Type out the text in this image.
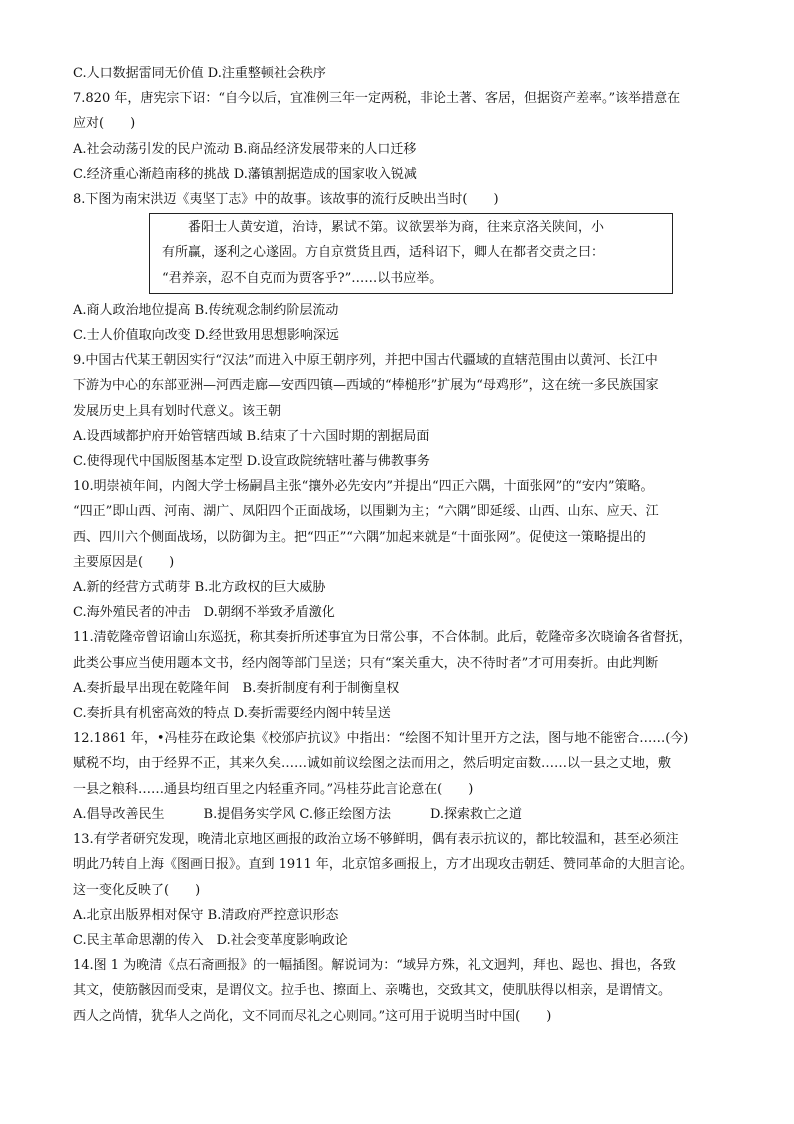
C.人口数据雷同无价值 D.注重整顿社会秩序
7.820 年，唐宪宗下诏：“自今以后，宜准例三年一定两税，非论土著、客居，但据资产差率。”该举措意在
应对(　　)
A.社会动荡引发的民户流动 B.商品经济发展带来的人口迁移
C.经济重心渐趋南移的挑战 D.藩镇割据造成的国家收入锐减
8.下图为南宋洪迈《夷坚丁志》中的故事。该故事的流行反映出当时(　　)
番阳士人黄安道，治诗，累试不第。议欲罢举为商，往来京洛关陕间，小
有所赢，逐利之心遂固。方自京赏货且西，适科诏下，卿人在都者交责之曰：
“君养亲，忍不自克而为贾客乎?”……以书应举。
A.商人政治地位提高 B.传统观念制约阶层流动
C.士人价值取向改变 D.经世致用思想影响深远
9.中国古代某王朝因实行“汉法”而进入中原王朝序列，并把中国古代疆域的直辖范围由以黄河、长江中
下游为中心的东部亚洲—河西走廊—安西四镇—西域的“棒槌形”扩展为“母鸡形”，这在统一多民族国家
发展历史上具有划时代意义。该王朝
A.设西域都护府开始管辖西域 B.结束了十六国时期的割据局面
C.使得现代中国版图基本定型 D.设宣政院统辖吐蕃与佛教事务
10.明崇祯年间，内阁大学士杨嗣昌主张“攘外必先安内”并提出“四正六隅，十面张网”的“安内”策略。
“四正”即山西、河南、湖广、凤阳四个正面战场，以围剿为主；“六隅”即延绥、山西、山东、应天、江
西、四川六个侧面战场，以防御为主。把“四正”“六隅”加起来就是“十面张网”。促使这一策略提出的
主要原因是(　　)
A.新的经营方式萌芽 B.北方政权的巨大威胁
C.海外殖民者的冲击　D.朝纲不举致矛盾激化
11.清乾隆帝曾诏谕山东巡抚，称其奏折所述事宜为日常公事，不合体制。此后，乾隆帝多次晓谕各省督抚，
此类公事应当使用题本文书，经内阁等部门呈送；只有“案关重大，决不待时者”才可用奏折。由此判断
A.奏折最早出现在乾隆年间　B.奏折制度有利于制衡皇权
C.奏折具有机密高效的特点 D.奏折需要经内阁中转呈送
12.1861 年，•冯桂芬在政论集《校邠庐抗议》中指出：“绘图不知计里开方之法，图与地不能密合……(今)
赋税不均，由于经界不正，其来久矣……诚如前议绘图之法而用之，然后明定亩数……以一县之丈地，敷
一县之粮科……通县均纽百里之内轻重齐同。”冯桂芬此言论意在(　　)
A.倡导改善民生　　　B.提倡务实学风 C.修正绘图方法　　　D.探索救亡之道
13.有学者研究发现，晚清北京地区画报的政治立场不够鲜明，偶有表示抗议的，都比较温和，甚至必须注
明此乃转自上海《图画日报》。直到 1911 年，北京馆多画报上，方才出现攻击朝廷、赞同革命的大胆言论。
这一变化反映了(　　)
A.北京出版界相对保守 B.清政府严控意识形态
C.民主革命思潮的传入　D.社会变革度影响政论
14.图 1 为晚清《点石斋画报》的一幅插图。解说词为：“域异方殊，礼文迥判，拜也、跽也、揖也，各致
其文，使筋骸因而受束，是谓仪文。拉手也、擦面上、亲嘴也，交致其文，使肌肤得以相亲，是谓情文。
西人之尚情，犹华人之尚化，文不同而尽礼之心则同。”这可用于说明当时中国(　　)
